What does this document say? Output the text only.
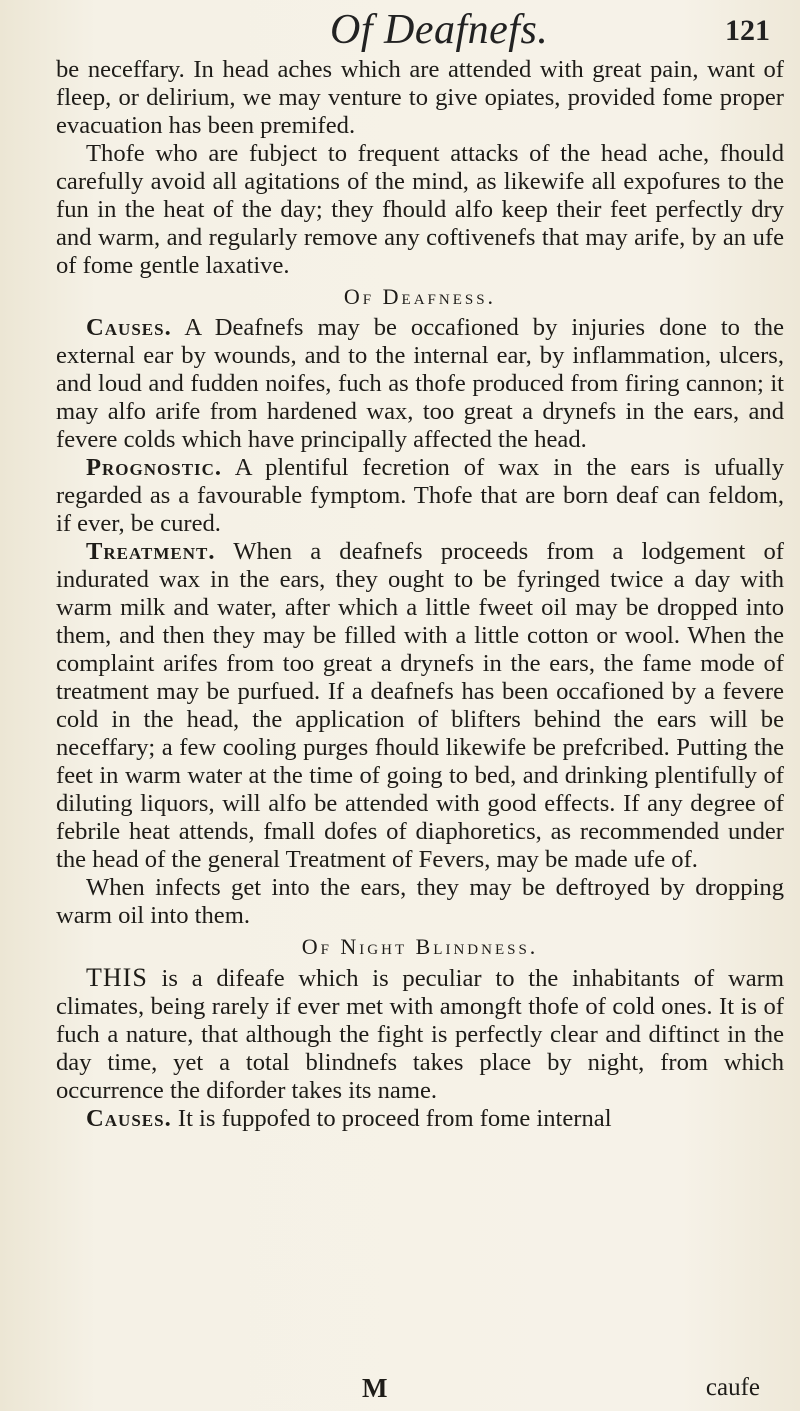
Of Deafnefs.	121

be neceffary. In head aches which are attended with great pain, want of fleep, or delirium, we may venture to give opiates, provided fome proper evacuation has been premifed.

Thofe who are fubject to frequent attacks of the head ache, fhould carefully avoid all agitations of the mind, as likewife all expofures to the fun in the heat of the day; they fhould alfo keep their feet perfectly dry and warm, and regularly remove any coftivenefs that may arife, by an ufe of fome gentle laxative.

Of Deafness.

Causes. A Deafnefs may be occafioned by injuries done to the external ear by wounds, and to the internal ear, by inflammation, ulcers, and loud and fudden noifes, fuch as thofe produced from firing cannon; it may alfo arife from hardened wax, too great a drynefs in the ears, and fevere colds which have principally affected the head.

Prognostic. A plentiful fecretion of wax in the ears is ufually regarded as a favourable fymptom. Thofe that are born deaf can feldom, if ever, be cured.

Treatment. When a deafnefs proceeds from a lodgement of indurated wax in the ears, they ought to be fyringed twice a day with warm milk and water, after which a little fweet oil may be dropped into them, and then they may be filled with a little cotton or wool. When the complaint arifes from too great a drynefs in the ears, the fame mode of treatment may be purfued. If a deafnefs has been occafioned by a fevere cold in the head, the application of blifters behind the ears will be neceffary; a few cooling purges fhould likewife be prefcribed. Putting the feet in warm water at the time of going to bed, and drinking plentifully of diluting liquors, will alfo be attended with good effects. If any degree of febrile heat attends, fmall dofes of diaphoretics, as recommended under the head of the general Treatment of Fevers, may be made ufe of.

When infects get into the ears, they may be deftroyed by dropping warm oil into them.

Of Night Blindness.

THIS is a difeafe which is peculiar to the inhabitants of warm climates, being rarely if ever met with amongft thofe of cold ones. It is of fuch a nature, that although the fight is perfectly clear and diftinct in the day time, yet a total blindnefs takes place by night, from which occurrence the diforder takes its name.

Causes. It is fuppofed to proceed from fome internal

M	caufe
